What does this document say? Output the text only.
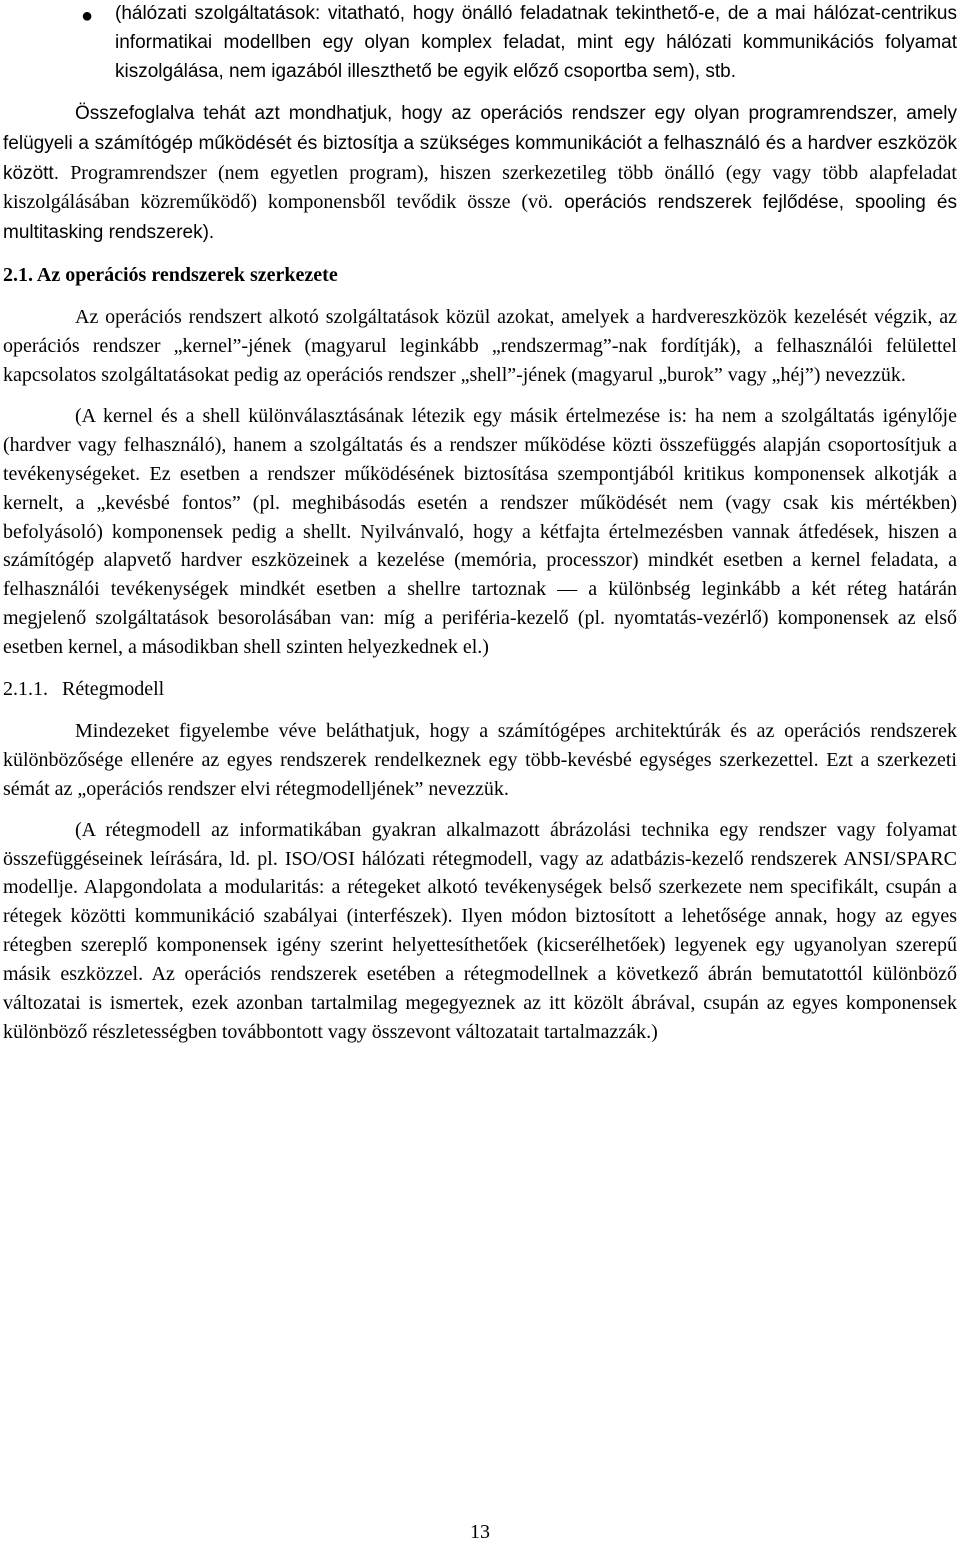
● (hálózati szolgáltatások: vitatható, hogy önálló feladatnak tekinthető-e, de a mai hálózat-centrikus informatikai modellben egy olyan komplex feladat, mint egy hálózati kommunikációs folyamat kiszolgálása, nem igazából illeszthető be egyik előző csoportba sem), stb.

Összefoglalva tehát azt mondhatjuk, hogy az operációs rendszer egy olyan programrendszer, amely felügyeli a számítógép működését és biztosítja a szükséges kommunikációt a felhasználó és a hardver eszközök között. Programrendszer (nem egyetlen program), hiszen szerkezetileg több önálló (egy vagy több alapfeladat kiszolgálásában közreműködő) komponensből tevődik össze (vö. operációs rendszerek fejlődése, spooling és multitasking rendszerek).

2.1. Az operációs rendszerek szerkezete

Az operációs rendszert alkotó szolgáltatások közül azokat, amelyek a hardvereszközök kezelését végzik, az operációs rendszer „kernel”-jének (magyarul leginkább „rendszermag”-nak fordítják), a felhasználói felülettel kapcsolatos szolgáltatásokat pedig az operációs rendszer „shell”-jének (magyarul „burok” vagy „héj”) nevezzük.

(A kernel és a shell különválasztásának létezik egy másik értelmezése is: ha nem a szolgáltatás igénylője (hardver vagy felhasználó), hanem a szolgáltatás és a rendszer működése közti összefüggés alapján csoportosítjuk a tevékenységeket. Ez esetben a rendszer működésének biztosítása szempontjából kritikus komponensek alkotják a kernelt, a „kevésbé fontos” (pl. meghibásodás esetén a rendszer működését nem (vagy csak kis mértékben) befolyásoló) komponensek pedig a shellt. Nyilvánvaló, hogy a kétfajta értelmezésben vannak átfedések, hiszen a számítógép alapvető hardver eszközeinek a kezelése (memória, processzor) mindkét esetben a kernel feladata, a felhasználói tevékenységek mindkét esetben a shellre tartoznak — a különbség leginkább a két réteg határán megjelenő szolgáltatások besorolásában van: míg a periféria-kezelő (pl. nyomtatás-vezérlő) komponensek az első esetben kernel, a másodikban shell szinten helyezkednek el.)

2.1.1. Rétegmodell

Mindezeket figyelembe véve beláthatjuk, hogy a számítógépes architektúrák és az operációs rendszerek különbözősége ellenére az egyes rendszerek rendelkeznek egy több-kevésbé egységes szerkezettel. Ezt a szerkezeti sémát az „operációs rendszer elvi rétegmodelljének” nevezzük.

(A rétegmodell az informatikában gyakran alkalmazott ábrázolási technika egy rendszer vagy folyamat összefüggéseinek leírására, ld. pl. ISO/OSI hálózati rétegmodell, vagy az adatbázis-kezelő rendszerek ANSI/SPARC modellje. Alapgondolata a modularitás: a rétegeket alkotó tevékenységek belső szerkezete nem specifikált, csupán a rétegek közötti kommunikáció szabályai (interfészek). Ilyen módon biztosított a lehetősége annak, hogy az egyes rétegben szereplő komponensek igény szerint helyettesíthetőek (kicserélhetőek) legyenek egy ugyanolyan szerepű másik eszközzel. Az operációs rendszerek esetében a rétegmodellnek a következő ábrán bemutatottól különböző változatai is ismertek, ezek azonban tartalmilag megegyeznek az itt közölt ábrával, csupán az egyes komponensek különböző részletességben továbbontott vagy összevont változatait tartalmazzák.)

13
